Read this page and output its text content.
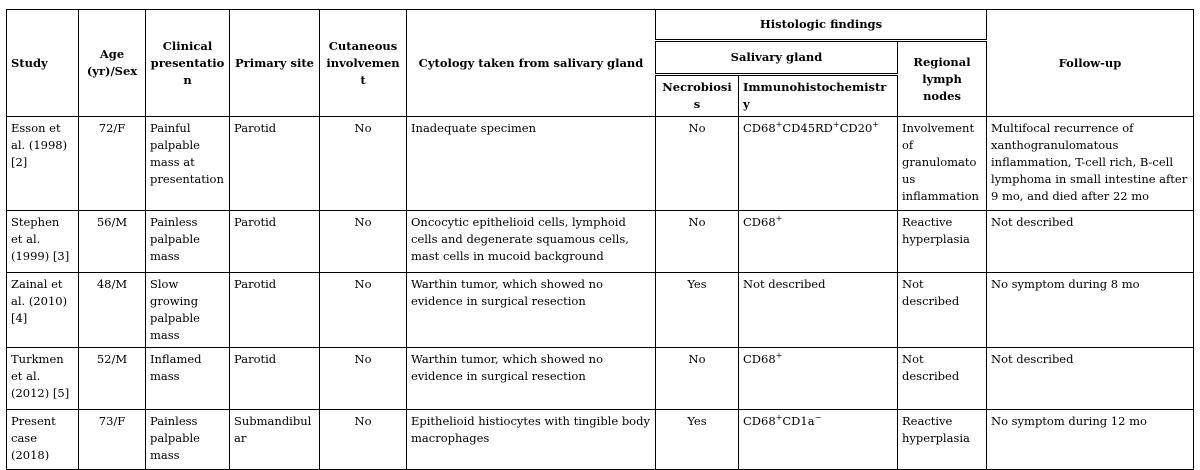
Study	Age (yr)/Sex	Clinical presentation	Primary site	Cutaneous involvement	Cytology taken from salivary gland	Histologic findings			Follow-up
						Salivary gland		Regional lymph nodes	
						Necrobiosis	Immunohistochemistry		
Esson et al. (1998) [2]	72/F	Painful palpable mass at presentation	Parotid	No	Inadequate specimen	No	CD68+CD45RD+CD20+	Involvement of granulomatous inflammation	Multifocal recurrence of xanthogranulomatous inflammation, T-cell rich, B-cell lymphoma in small intestine after 9 mo, and died after 22 mo
Stephen et al. (1999) [3]	56/M	Painless palpable mass	Parotid	No	Oncocytic epithelioid cells, lymphoid cells and degenerate squamous cells, mast cells in mucoid background	No	CD68+	Reactive hyperplasia	Not described
Zainal et al. (2010) [4]	48/M	Slow growing palpable mass	Parotid	No	Warthin tumor, which showed no evidence in surgical resection	Yes	Not described	Not described	No symptom during 8 mo
Turkmen et al. (2012) [5]	52/M	Inflamed mass	Parotid	No	Warthin tumor, which showed no evidence in surgical resection	No	CD68+	Not described	Not described
Present case (2018)	73/F	Painless palpable mass	Submandibular	No	Epithelioid histiocytes with tingible body macrophages	Yes	CD68+CD1a−	Reactive hyperplasia	No symptom during 12 mo
